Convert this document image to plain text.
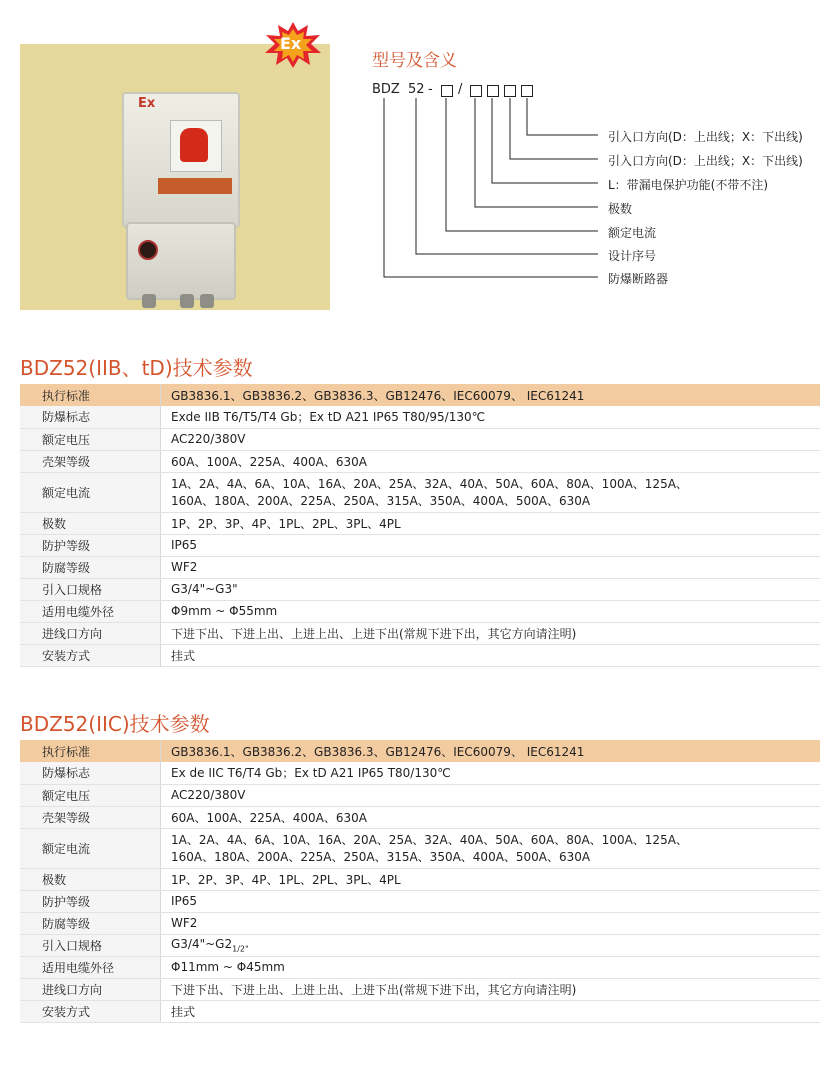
Ex
Ex
型号及含义
BDZ 52 - /
引入口方向(D：上出线；X：下出线)
引入口方向(D：上出线；X：下出线)
L：带漏电保护功能(不带不注)
极数
额定电流
设计序号
防爆断路器
BDZ52(IIB、tD)技术参数
执行标准	GB3836.1、GB3836.2、GB3836.3、GB12476、IEC60079、 IEC61241
防爆标志	Exde IIB T6/T5/T4 Gb；Ex tD A21 IP65 T80/95/130℃
额定电压	AC220/380V
壳架等级	60A、100A、225A、400A、630A
额定电流	1A、2A、4A、6A、10A、16A、20A、25A、32A、40A、50A、60A、80A、100A、125A、
160A、180A、200A、225A、250A、315A、350A、400A、500A、630A

极数	1P、2P、3P、4P、1PL、2PL、3PL、4PL
防护等级	IP65
防腐等级	WF2
引入口规格	G3/4"~G3"
适用电缆外径	Φ9mm ~ Φ55mm
进线口方向	下进下出、下进上出、上进上出、上进下出(常规下进下出，其它方向请注明)
安装方式	挂式
BDZ52(IIC)技术参数
执行标准	GB3836.1、GB3836.2、GB3836.3、GB12476、IEC60079、 IEC61241
防爆标志	Ex de IIC T6/T4 Gb；Ex tD A21 IP65 T80/130℃
额定电压	AC220/380V
壳架等级	60A、100A、225A、400A、630A
额定电流	1A、2A、4A、6A、10A、16A、20A、25A、32A、40A、50A、60A、80A、100A、125A、
160A、180A、200A、225A、250A、315A、350A、400A、500A、630A

极数	1P、2P、3P、4P、1PL、2PL、3PL、4PL
防护等级	IP65
防腐等级	WF2
引入口规格	$G3/4"\sim G2_{1/2"}$
适用电缆外径	Φ11mm ~ Φ45mm
进线口方向	下进下出、下进上出、上进上出、上进下出(常规下进下出，其它方向请注明)
安装方式	挂式
